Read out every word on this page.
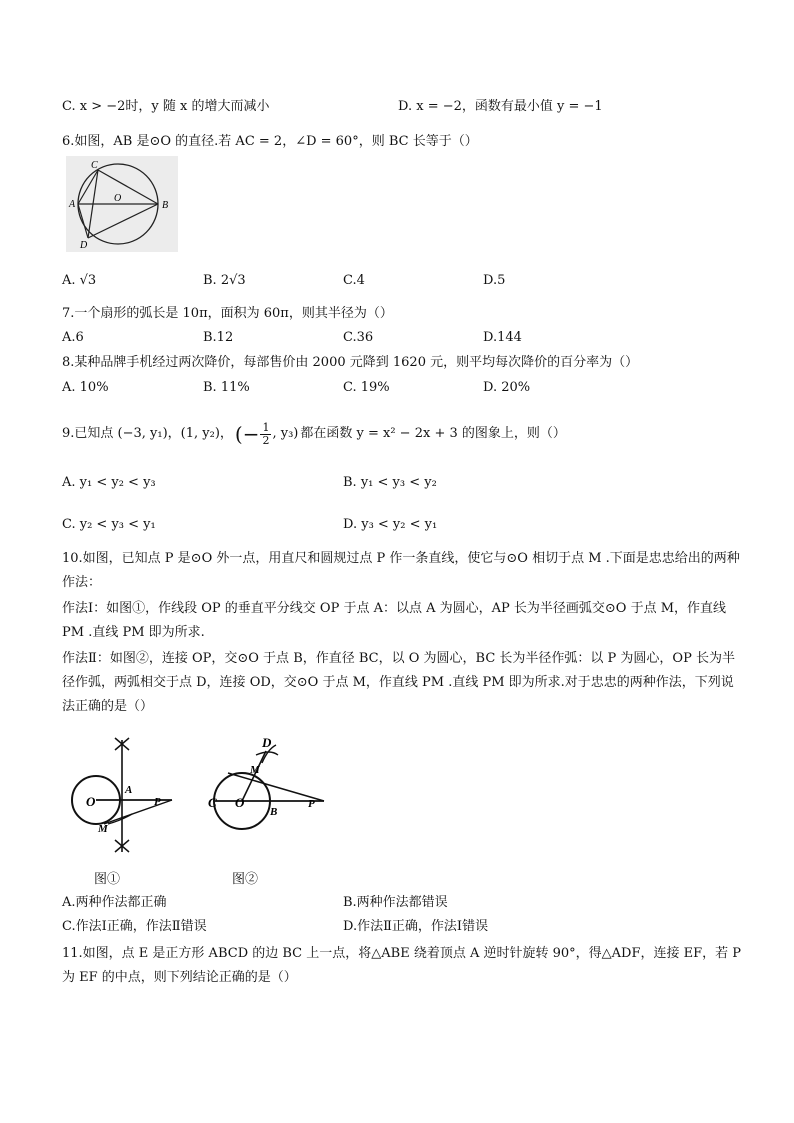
C. x > −2时，y 随 x 的增大而减小	D. x = −2，函数有最小值 y = −1
6.如图，AB 是⊙O 的直径.若 AC = 2，∠D = 60°，则 BC 长等于（）
C
A
O
B
D
A. √3	B. 2√3	C.4	D.5
7.一个扇形的弧长是 10π，面积为 60π，则其半径为（）
A.6	B.12	C.36	D.144
8.某种品牌手机经过两次降价，每部售价由 2000 元降到 1620 元，则平均每次降价的百分率为（）
A. 10%	B. 11%	C. 19%	D. 20%
9.已知点 (−3, y₁)，(1, y₂)， (− $\frac{1}{2}$ , y₃) 都在函数 y = x² − 2x + 3 的图象上，则（）
A. y₁ < y₂ < y₃	B. y₁ < y₃ < y₂
C. y₂ < y₃ < y₁	D. y₃ < y₂ < y₁
10.如图，已知点 P 是⊙O 外一点，用直尺和圆规过点 P 作一条直线，使它与⊙O 相切于点 M .下面是忠忠给出的两种作法：
作法Ⅰ：如图①，作线段 OP 的垂直平分线交 OP 于点 A：以点 A 为圆心，AP 长为半径画弧交⊙O 于点 M，作直线 PM .直线 PM 即为所求.
作法Ⅱ：如图②，连接 OP，交⊙O 于点 B，作直径 BC，以 O 为圆心，BC 长为半径作弧：以 P 为圆心，OP 长为半径作弧，两弧相交于点 D，连接 OD，交⊙O 于点 M，作直线 PM .直线 PM 即为所求.对于忠忠的两种作法，下列说法正确的是（）
O
A
P
M
图①
D
M
C O
B
P
图②
A.两种作法都正确	B.两种作法都错误
C.作法Ⅰ正确，作法Ⅱ错误	D.作法Ⅱ正确，作法Ⅰ错误
11.如图，点 E 是正方形 ABCD 的边 BC 上一点，将△ABE 绕着顶点 A 逆时针旋转 90°，得△ADF，连接 EF，若 P 为 EF 的中点，则下列结论正确的是（）
